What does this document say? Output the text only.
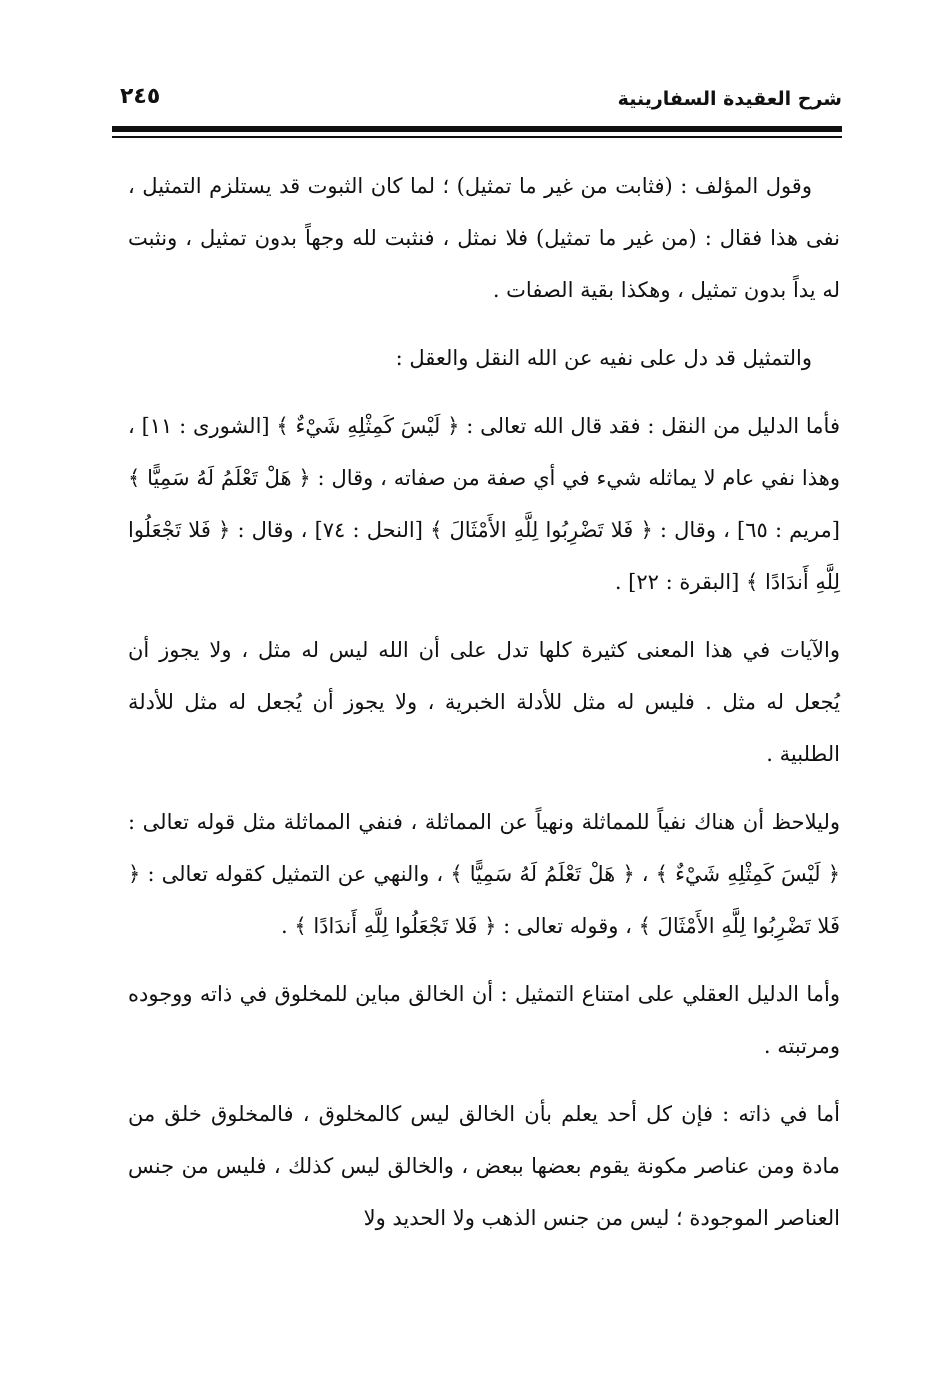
شرح العقيدة السفارينية
٢٤٥

وقول المؤلف : (فثابت من غير ما تمثيل) ؛ لما كان الثبوت قد يستلزم التمثيل ، نفى هذا فقال : (من غير ما تمثيل) فلا نمثل ، فنثبت لله وجهاً بدون تمثيل ، ونثبت له يداً بدون تمثيل ، وهكذا بقية الصفات .

والتمثيل قد دل على نفيه عن الله النقل والعقل :

فأما الدليل من النقل : فقد قال الله تعالى : ﴿ لَيْسَ كَمِثْلِهِ شَيْءٌ ﴾ [الشورى : ١١] ، وهذا نفي عام لا يماثله شيء في أي صفة من صفاته ، وقال : ﴿ هَلْ تَعْلَمُ لَهُ سَمِيًّا ﴾ [مريم : ٦٥] ، وقال : ﴿ فَلا تَضْرِبُوا لِلَّهِ الأَمْثَالَ ﴾ [النحل : ٧٤] ، وقال : ﴿ فَلا تَجْعَلُوا لِلَّهِ أَندَادًا ﴾ [البقرة : ٢٢] .

والآيات في هذا المعنى كثيرة كلها تدل على أن الله ليس له مثل ، ولا يجوز أن يُجعل له مثل . فليس له مثل للأدلة الخبرية ، ولا يجوز أن يُجعل له مثل للأدلة الطلبية .

وليلاحظ أن هناك نفياً للمماثلة ونهياً عن المماثلة ، فنفي المماثلة مثل قوله تعالى : ﴿ لَيْسَ كَمِثْلِهِ شَيْءٌ ﴾ ، ﴿ هَلْ تَعْلَمُ لَهُ سَمِيًّا ﴾ ، والنهي عن التمثيل كقوله تعالى : ﴿ فَلا تَضْرِبُوا لِلَّهِ الأَمْثَالَ ﴾ ، وقوله تعالى : ﴿ فَلا تَجْعَلُوا لِلَّهِ أَندَادًا ﴾ .

وأما الدليل العقلي على امتناع التمثيل : أن الخالق مباين للمخلوق في ذاته ووجوده ومرتبته .

أما في ذاته : فإن كل أحد يعلم بأن الخالق ليس كالمخلوق ، فالمخلوق خلق من مادة ومن عناصر مكونة يقوم بعضها ببعض ، والخالق ليس كذلك ، فليس من جنس العناصر الموجودة ؛ ليس من جنس الذهب ولا الحديد ولا
